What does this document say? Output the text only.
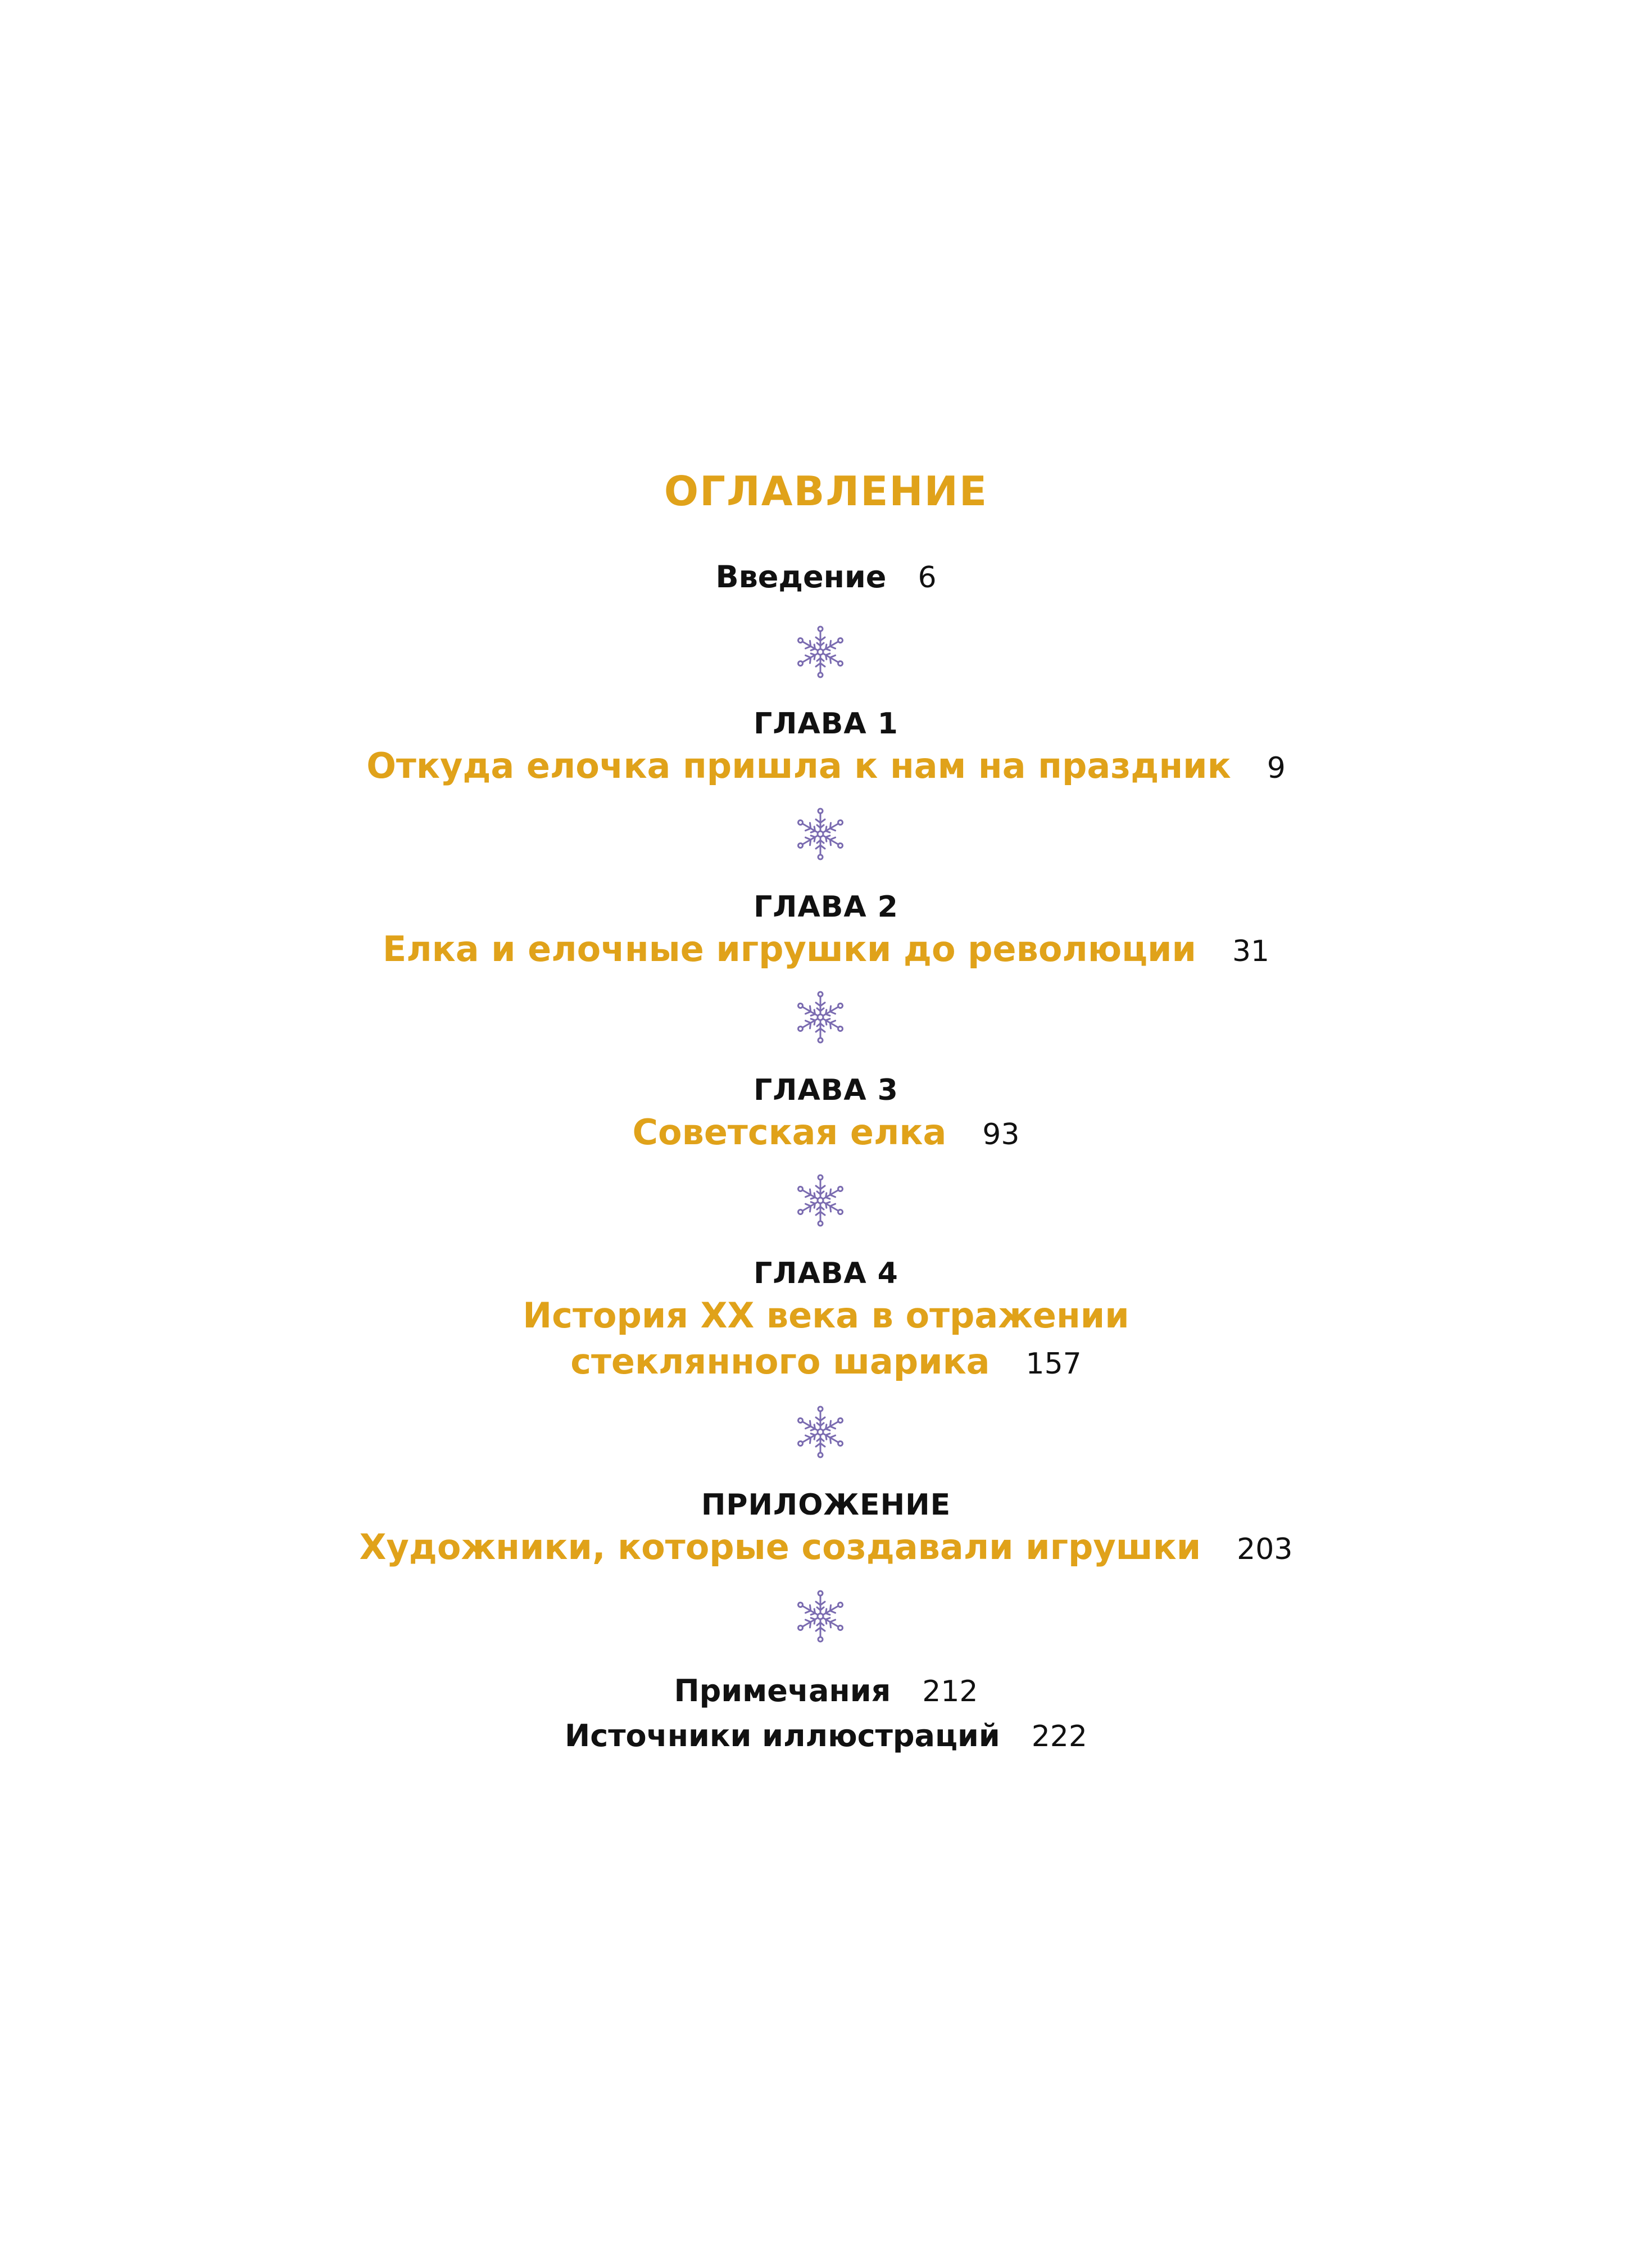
ОГЛАВЛЕНИЕ
Введение 6
ГЛАВА 1
Откуда елочка пришла к нам на праздник 9
ГЛАВА 2
Елка и елочные игрушки до революции 31
ГЛАВА 3
Советская елка 93
ГЛАВА 4
История XX века в отражении
стеклянного шарика 157
ПРИЛОЖЕНИЕ
Художники, которые создавали игрушки 203
Примечания 212
Источники иллюстраций 222
